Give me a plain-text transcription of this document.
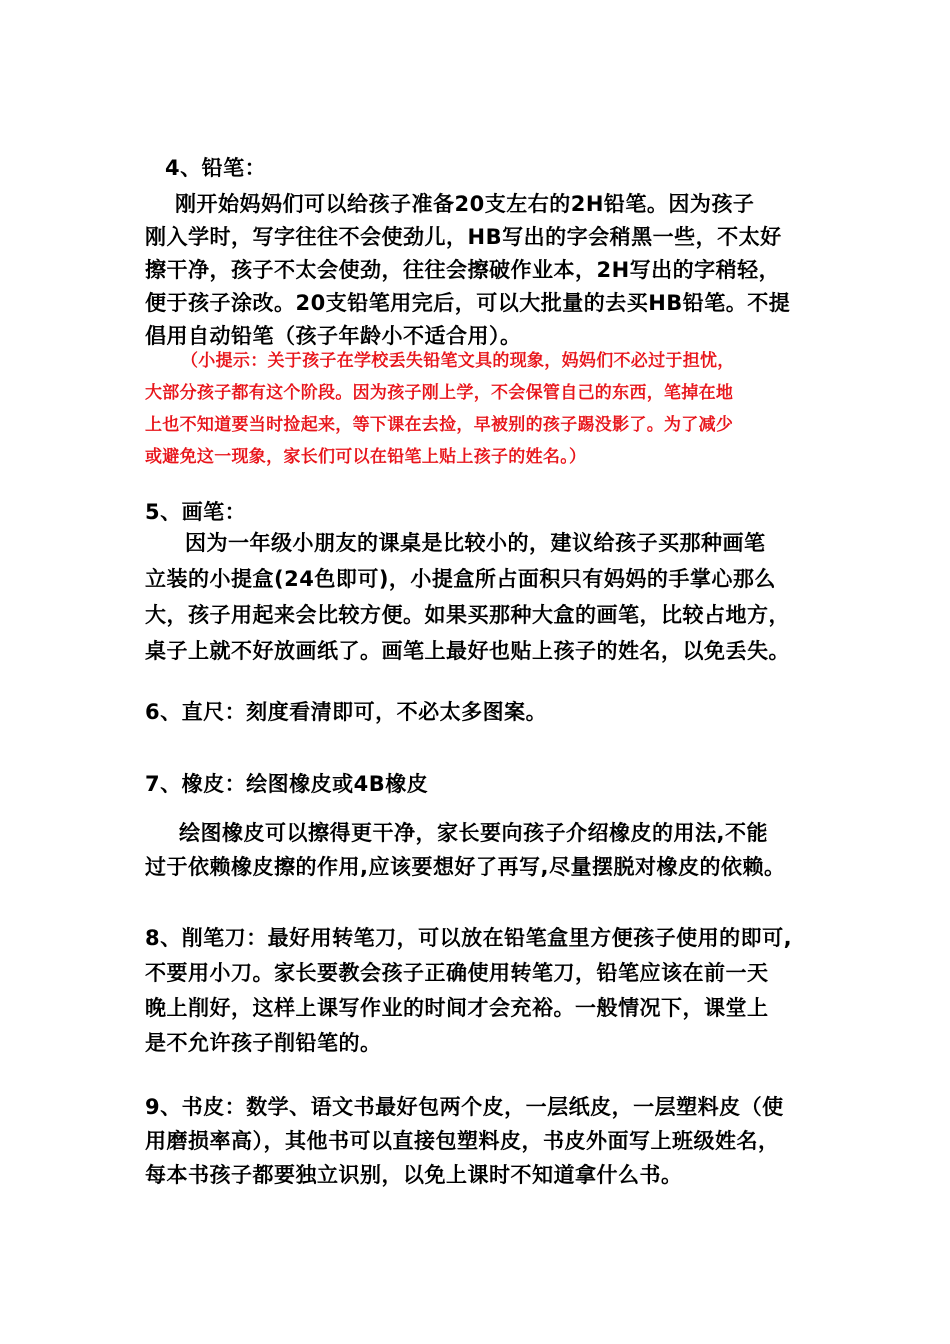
4、铅笔：
刚开始妈妈们可以给孩子准备20支左右的2H铅笔。因为孩子
刚入学时，写字往往不会使劲儿，HB写出的字会稍黑一些，不太好
擦干净，孩子不太会使劲，往往会擦破作业本，2H写出的字稍轻，
便于孩子涂改。20支铅笔用完后，可以大批量的去买HB铅笔。不提
倡用自动铅笔（孩子年龄小不适合用）。
（小提示：关于孩子在学校丢失铅笔文具的现象，妈妈们不必过于担忧，
大部分孩子都有这个阶段。因为孩子刚上学，不会保管自己的东西，笔掉在地
上也不知道要当时捡起来，等下课在去捡，早被别的孩子踢没影了。为了减少
或避免这一现象，家长们可以在铅笔上贴上孩子的姓名。）
5、画笔：
因为一年级小朋友的课桌是比较小的，建议给孩子买那种画笔
立装的小提盒(24色即可)，小提盒所占面积只有妈妈的手掌心那么
大，孩子用起来会比较方便。如果买那种大盒的画笔，比较占地方，
桌子上就不好放画纸了。画笔上最好也贴上孩子的姓名，以免丢失。
6、直尺：刻度看清即可，不必太多图案。
7、橡皮：绘图橡皮或4B橡皮
绘图橡皮可以擦得更干净，家长要向孩子介绍橡皮的用法,不能
过于依赖橡皮擦的作用,应该要想好了再写,尽量摆脱对橡皮的依赖。
8、削笔刀：最好用转笔刀，可以放在铅笔盒里方便孩子使用的即可,
不要用小刀。家长要教会孩子正确使用转笔刀，铅笔应该在前一天
晚上削好，这样上课写作业的时间才会充裕。一般情况下，课堂上
是不允许孩子削铅笔的。
9、书皮：数学、语文书最好包两个皮，一层纸皮，一层塑料皮（使
用磨损率高），其他书可以直接包塑料皮，书皮外面写上班级姓名，
每本书孩子都要独立识别，以免上课时不知道拿什么书。
